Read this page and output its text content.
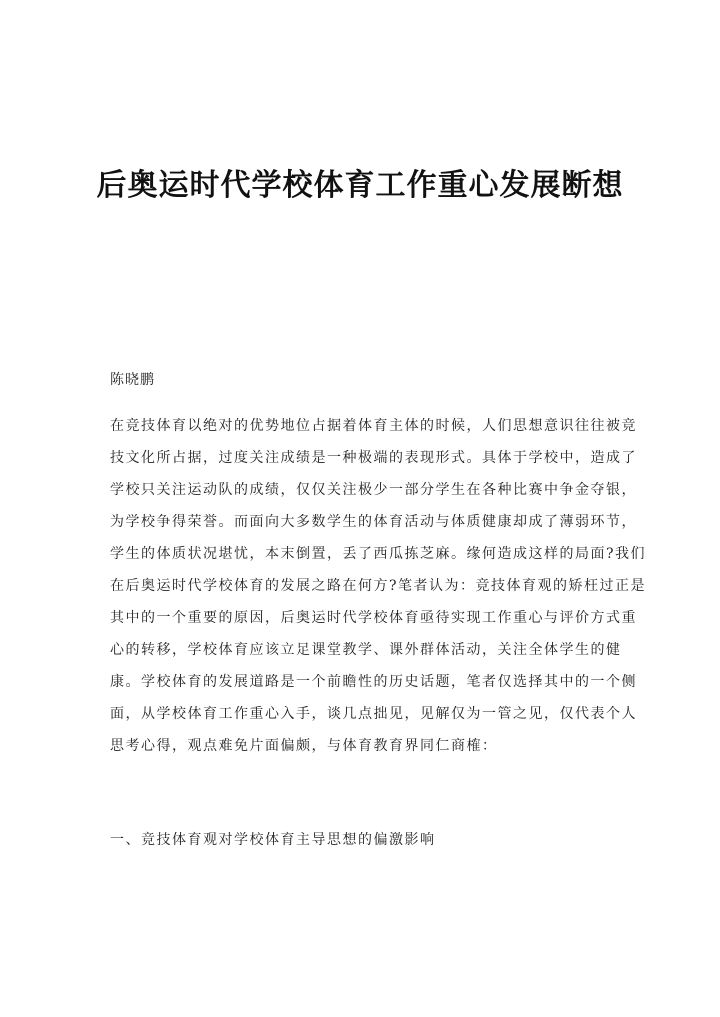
后奥运时代学校体育工作重心发展断想
陈晓鹏
在竞技体育以绝对的优势地位占据着体育主体的时候，人们思想意识往往被竞
技文化所占据，过度关注成绩是一种极端的表现形式。具体于学校中，造成了
学校只关注运动队的成绩，仅仅关注极少一部分学生在各种比赛中争金夺银，
为学校争得荣誉。而面向大多数学生的体育活动与体质健康却成了薄弱环节，
学生的体质状况堪忧，本末倒置，丢了西瓜拣芝麻。缘何造成这样的局面?我们
在后奥运时代学校体育的发展之路在何方?笔者认为：竞技体育观的矫枉过正是
其中的一个重要的原因，后奥运时代学校体育亟待实现工作重心与评价方式重
心的转移，学校体育应该立足课堂教学、课外群体活动，关注全体学生的健
康。学校体育的发展道路是一个前瞻性的历史话题，笔者仅选择其中的一个侧
面，从学校体育工作重心入手，谈几点拙见，见解仅为一管之见，仅代表个人
思考心得，观点难免片面偏颇，与体育教育界同仁商榷：
一、竞技体育观对学校体育主导思想的偏激影响
